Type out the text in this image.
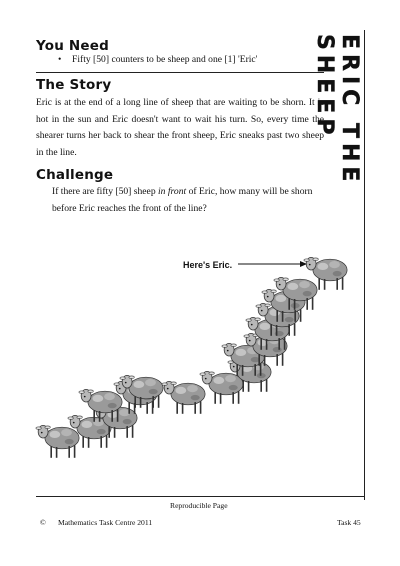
You Need
• Fifty [50] counters to be sheep and one [1] 'Eric'
The Story
Eric is at the end of a long line of sheep that are waiting to be shorn. It is hot in the sun and Eric doesn't want to wait his turn. So, every time the shearer turns her back to shear the front sheep, Eric sneaks past two sheep in the line.
Challenge
If there are fifty [50] sheep in front of Eric, how many will be shorn before Eric reaches the front of the line?
ERIC THE SHEEP
Here's Eric.
Reproducible Page
© Mathematics Task Centre 2011	Task 45
